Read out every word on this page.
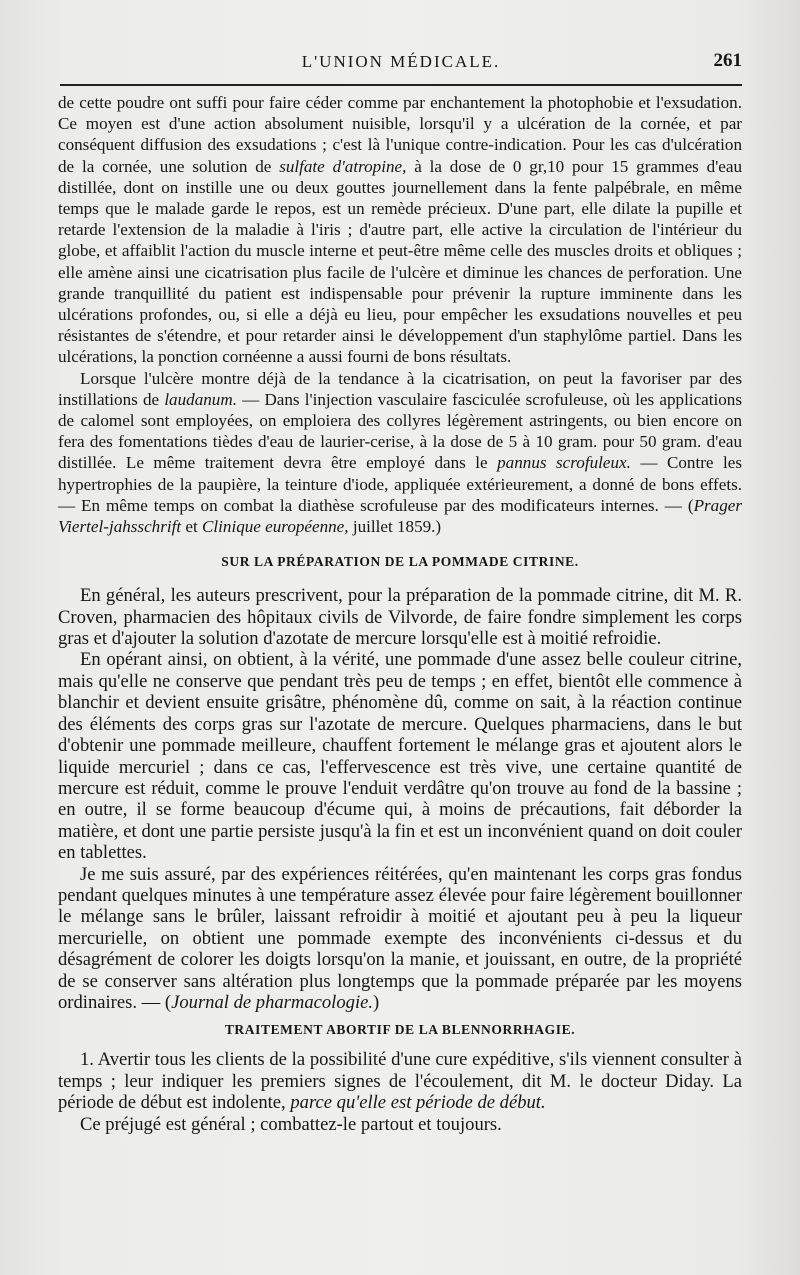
L'UNION MÉDICALE.	261

de cette poudre ont suffi pour faire céder comme par enchantement la photophobie et l'exsudation. Ce moyen est d'une action absolument nuisible, lorsqu'il y a ulcération de la cornée, et par conséquent diffusion des exsudations ; c'est là l'unique contre-indication. Pour les cas d'ulcération de la cornée, une solution de sulfate d'atropine, à la dose de 0 gr,10 pour 15 grammes d'eau distillée, dont on instille une ou deux gouttes journellement dans la fente palpébrale, en même temps que le malade garde le repos, est un remède précieux. D'une part, elle dilate la pupille et retarde l'extension de la maladie à l'iris ; d'autre part, elle active la circulation de l'intérieur du globe, et affaiblit l'action du muscle interne et peut-être même celle des muscles droits et obliques ; elle amène ainsi une cicatrisation plus facile de l'ulcère et diminue les chances de perforation. Une grande tranquillité du patient est indispensable pour prévenir la rupture imminente dans les ulcérations profondes, ou, si elle a déjà eu lieu, pour empêcher les exsudations nouvelles et peu résistantes de s'étendre, et pour retarder ainsi le développement d'un staphylôme partiel. Dans les ulcérations, la ponction cornéenne a aussi fourni de bons résultats.

Lorsque l'ulcère montre déjà de la tendance à la cicatrisation, on peut la favoriser par des instillations de laudanum. — Dans l'injection vasculaire fasciculée scrofuleuse, où les applications de calomel sont employées, on emploiera des collyres légèrement astringents, ou bien encore on fera des fomentations tièdes d'eau de laurier-cerise, à la dose de 5 à 10 gram. pour 50 gram. d'eau distillée. Le même traitement devra être employé dans le pannus scrofuleux. — Contre les hypertrophies de la paupière, la teinture d'iode, appliquée extérieurement, a donné de bons effets. — En même temps on combat la diathèse scrofuleuse par des modificateurs internes. — (Prager Viertel-jahsschrift et Clinique européenne, juillet 1859.)

SUR LA PRÉPARATION DE LA POMMADE CITRINE.

En général, les auteurs prescrivent, pour la préparation de la pommade citrine, dit M. R. Croven, pharmacien des hôpitaux civils de Vilvorde, de faire fondre simplement les corps gras et d'ajouter la solution d'azotate de mercure lorsqu'elle est à moitié refroidie.

En opérant ainsi, on obtient, à la vérité, une pommade d'une assez belle couleur citrine, mais qu'elle ne conserve que pendant très peu de temps ; en effet, bientôt elle commence à blanchir et devient ensuite grisâtre, phénomène dû, comme on sait, à la réaction continue des éléments des corps gras sur l'azotate de mercure. Quelques pharmaciens, dans le but d'obtenir une pommade meilleure, chauffent fortement le mélange gras et ajoutent alors le liquide mercuriel ; dans ce cas, l'effervescence est très vive, une certaine quantité de mercure est réduit, comme le prouve l'enduit verdâtre qu'on trouve au fond de la bassine ; en outre, il se forme beaucoup d'écume qui, à moins de précautions, fait déborder la matière, et dont une partie persiste jusqu'à la fin et est un inconvénient quand on doit couler en tablettes.

Je me suis assuré, par des expériences réitérées, qu'en maintenant les corps gras fondus pendant quelques minutes à une température assez élevée pour faire légèrement bouillonner le mélange sans le brûler, laissant refroidir à moitié et ajoutant peu à peu la liqueur mercurielle, on obtient une pommade exempte des inconvénients ci-dessus et du désagrément de colorer les doigts lorsqu'on la manie, et jouissant, en outre, de la propriété de se conserver sans altération plus longtemps que la pommade préparée par les moyens ordinaires. — (Journal de pharmacologie.)

TRAITEMENT ABORTIF DE LA BLENNORRHAGIE.

1. Avertir tous les clients de la possibilité d'une cure expéditive, s'ils viennent consulter à temps ; leur indiquer les premiers signes de l'écoulement, dit M. le docteur Diday. La période de début est indolente, parce qu'elle est période de début.

Ce préjugé est général ; combattez-le partout et toujours.
